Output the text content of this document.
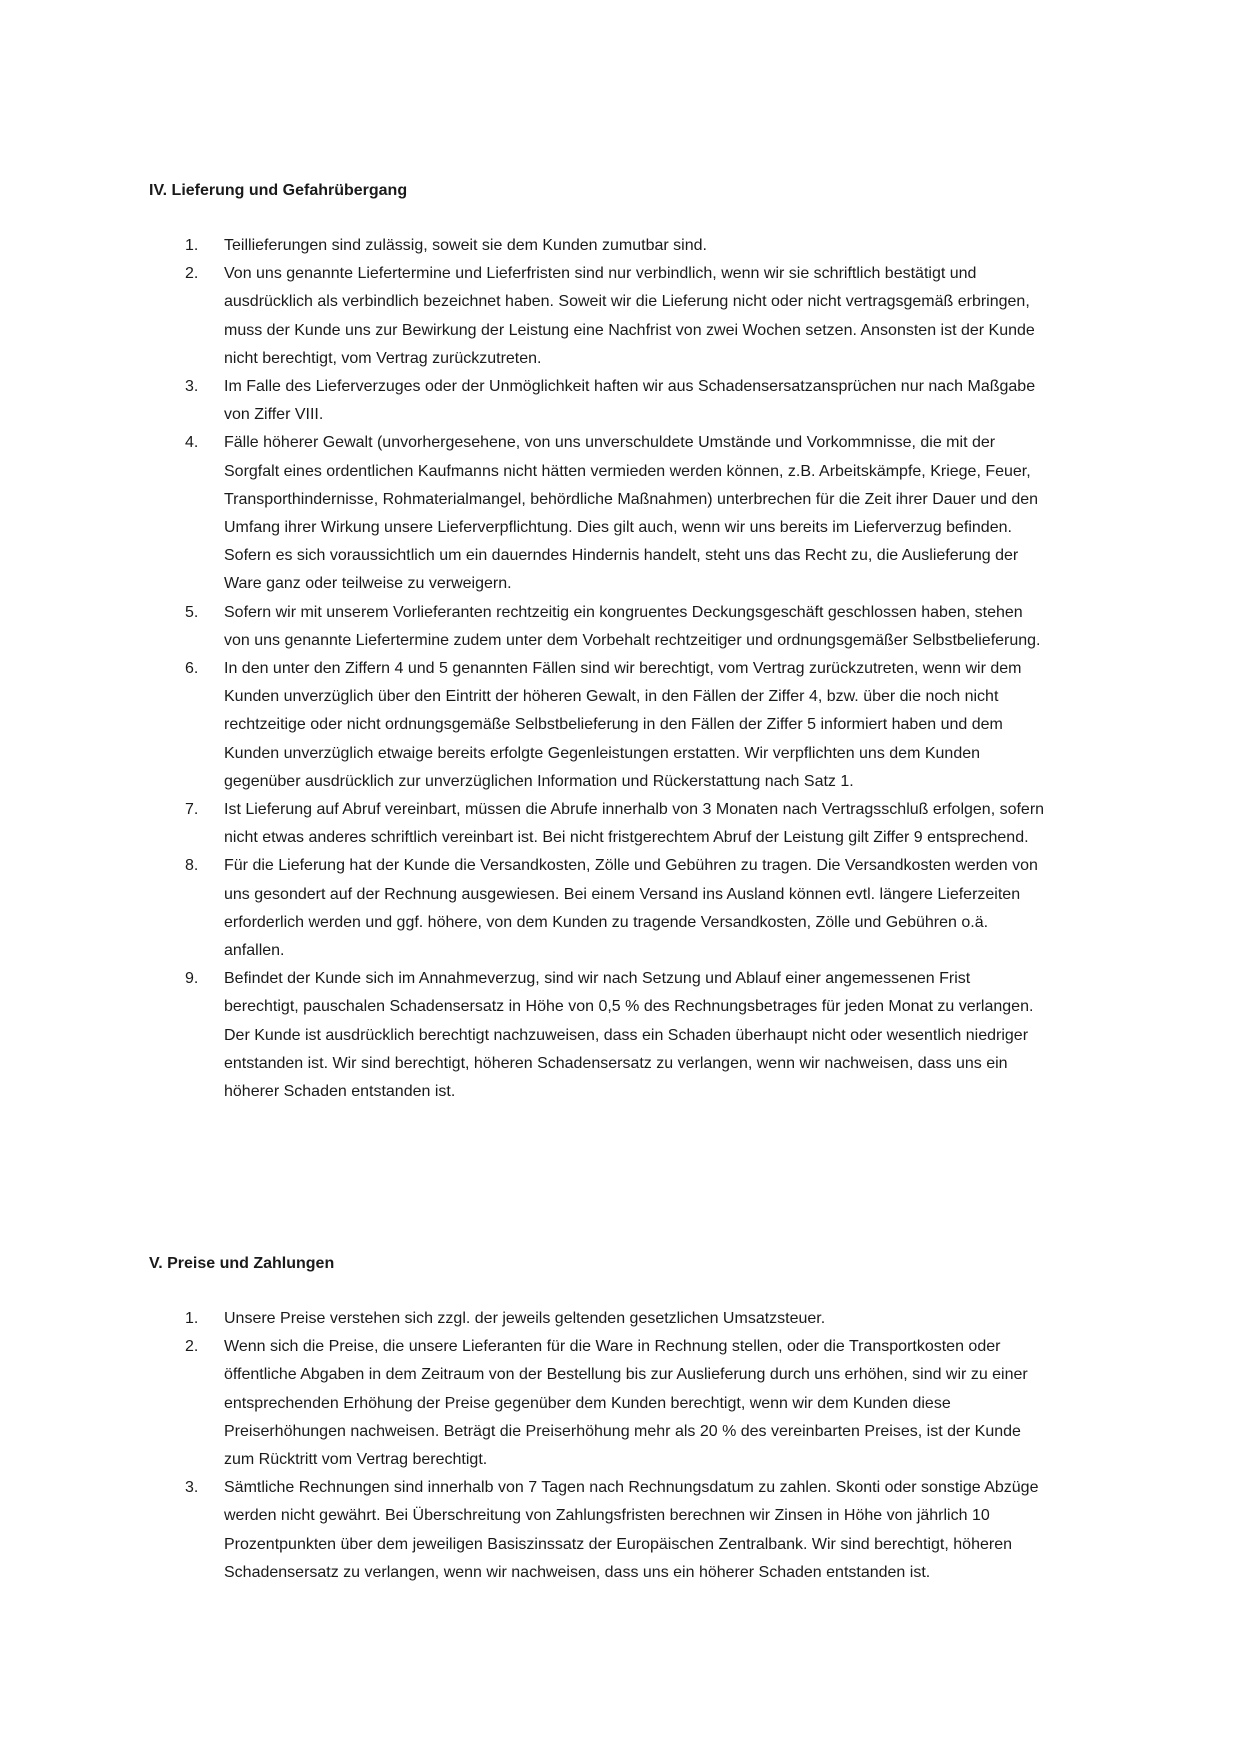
IV. Lieferung und Gefahrübergang
1. Teillieferungen sind zulässig, soweit sie dem Kunden zumutbar sind.
2. Von uns genannte Liefertermine und Lieferfristen sind nur verbindlich, wenn wir sie schriftlich bestätigt und ausdrücklich als verbindlich bezeichnet haben. Soweit wir die Lieferung nicht oder nicht vertragsgemäß erbringen, muss der Kunde uns zur Bewirkung der Leistung eine Nachfrist von zwei Wochen setzen. Ansonsten ist der Kunde nicht berechtigt, vom Vertrag zurückzutreten.
3. Im Falle des Lieferverzuges oder der Unmöglichkeit haften wir aus Schadensersatzansprüchen nur nach Maßgabe von Ziffer VIII.
4. Fälle höherer Gewalt (unvorhergesehene, von uns unverschuldete Umstände und Vorkommnisse, die mit der Sorgfalt eines ordentlichen Kaufmanns nicht hätten vermieden werden können, z.B. Arbeitskämpfe, Kriege, Feuer, Transporthindernisse, Rohmaterialmangel, behördliche Maßnahmen) unterbrechen für die Zeit ihrer Dauer und den Umfang ihrer Wirkung unsere Lieferverpflichtung. Dies gilt auch, wenn wir uns bereits im Lieferverzug befinden. Sofern es sich voraussichtlich um ein dauerndes Hindernis handelt, steht uns das Recht zu, die Auslieferung der Ware ganz oder teilweise zu verweigern.
5. Sofern wir mit unserem Vorlieferanten rechtzeitig ein kongruentes Deckungsgeschäft geschlossen haben, stehen von uns genannte Liefertermine zudem unter dem Vorbehalt rechtzeitiger und ordnungsgemäßer Selbstbelieferung.
6. In den unter den Ziffern 4 und 5 genannten Fällen sind wir berechtigt, vom Vertrag zurückzutreten, wenn wir dem Kunden unverzüglich über den Eintritt der höheren Gewalt, in den Fällen der Ziffer 4, bzw. über die noch nicht rechtzeitige oder nicht ordnungsgemäße Selbstbelieferung in den Fällen der Ziffer 5 informiert haben und dem Kunden unverzüglich etwaige bereits erfolgte Gegenleistungen erstatten. Wir verpflichten uns dem Kunden gegenüber ausdrücklich zur unverzüglichen Information und Rückerstattung nach Satz 1.
7. Ist Lieferung auf Abruf vereinbart, müssen die Abrufe innerhalb von 3 Monaten nach Vertragsschluß erfolgen, sofern nicht etwas anderes schriftlich vereinbart ist. Bei nicht fristgerechtem Abruf der Leistung gilt Ziffer 9 entsprechend.
8. Für die Lieferung hat der Kunde die Versandkosten, Zölle und Gebühren zu tragen. Die Versandkosten werden von uns gesondert auf der Rechnung ausgewiesen. Bei einem Versand ins Ausland können evtl. längere Lieferzeiten erforderlich werden und ggf. höhere, von dem Kunden zu tragende Versandkosten, Zölle und Gebühren o.ä. anfallen.
9. Befindet der Kunde sich im Annahmeverzug, sind wir nach Setzung und Ablauf einer angemessenen Frist berechtigt, pauschalen Schadensersatz in Höhe von 0,5 % des Rechnungsbetrages für jeden Monat zu verlangen. Der Kunde ist ausdrücklich berechtigt nachzuweisen, dass ein Schaden überhaupt nicht oder wesentlich niedriger entstanden ist. Wir sind berechtigt, höheren Schadensersatz zu verlangen, wenn wir nachweisen, dass uns ein höherer Schaden entstanden ist.
V. Preise und Zahlungen
1. Unsere Preise verstehen sich zzgl. der jeweils geltenden gesetzlichen Umsatzsteuer.
2. Wenn sich die Preise, die unsere Lieferanten für die Ware in Rechnung stellen, oder die Transportkosten oder öffentliche Abgaben in dem Zeitraum von der Bestellung bis zur Auslieferung durch uns erhöhen, sind wir zu einer entsprechenden Erhöhung der Preise gegenüber dem Kunden berechtigt, wenn wir dem Kunden diese Preiserhöhungen nachweisen. Beträgt die Preiserhöhung mehr als 20 % des vereinbarten Preises, ist der Kunde zum Rücktritt vom Vertrag berechtigt.
3. Sämtliche Rechnungen sind innerhalb von 7 Tagen nach Rechnungsdatum zu zahlen. Skonti oder sonstige Abzüge werden nicht gewährt. Bei Überschreitung von Zahlungsfristen berechnen wir Zinsen in Höhe von jährlich 10 Prozentpunkten über dem jeweiligen Basiszinssatz der Europäischen Zentralbank. Wir sind berechtigt, höheren Schadensersatz zu verlangen, wenn wir nachweisen, dass uns ein höherer Schaden entstanden ist.
